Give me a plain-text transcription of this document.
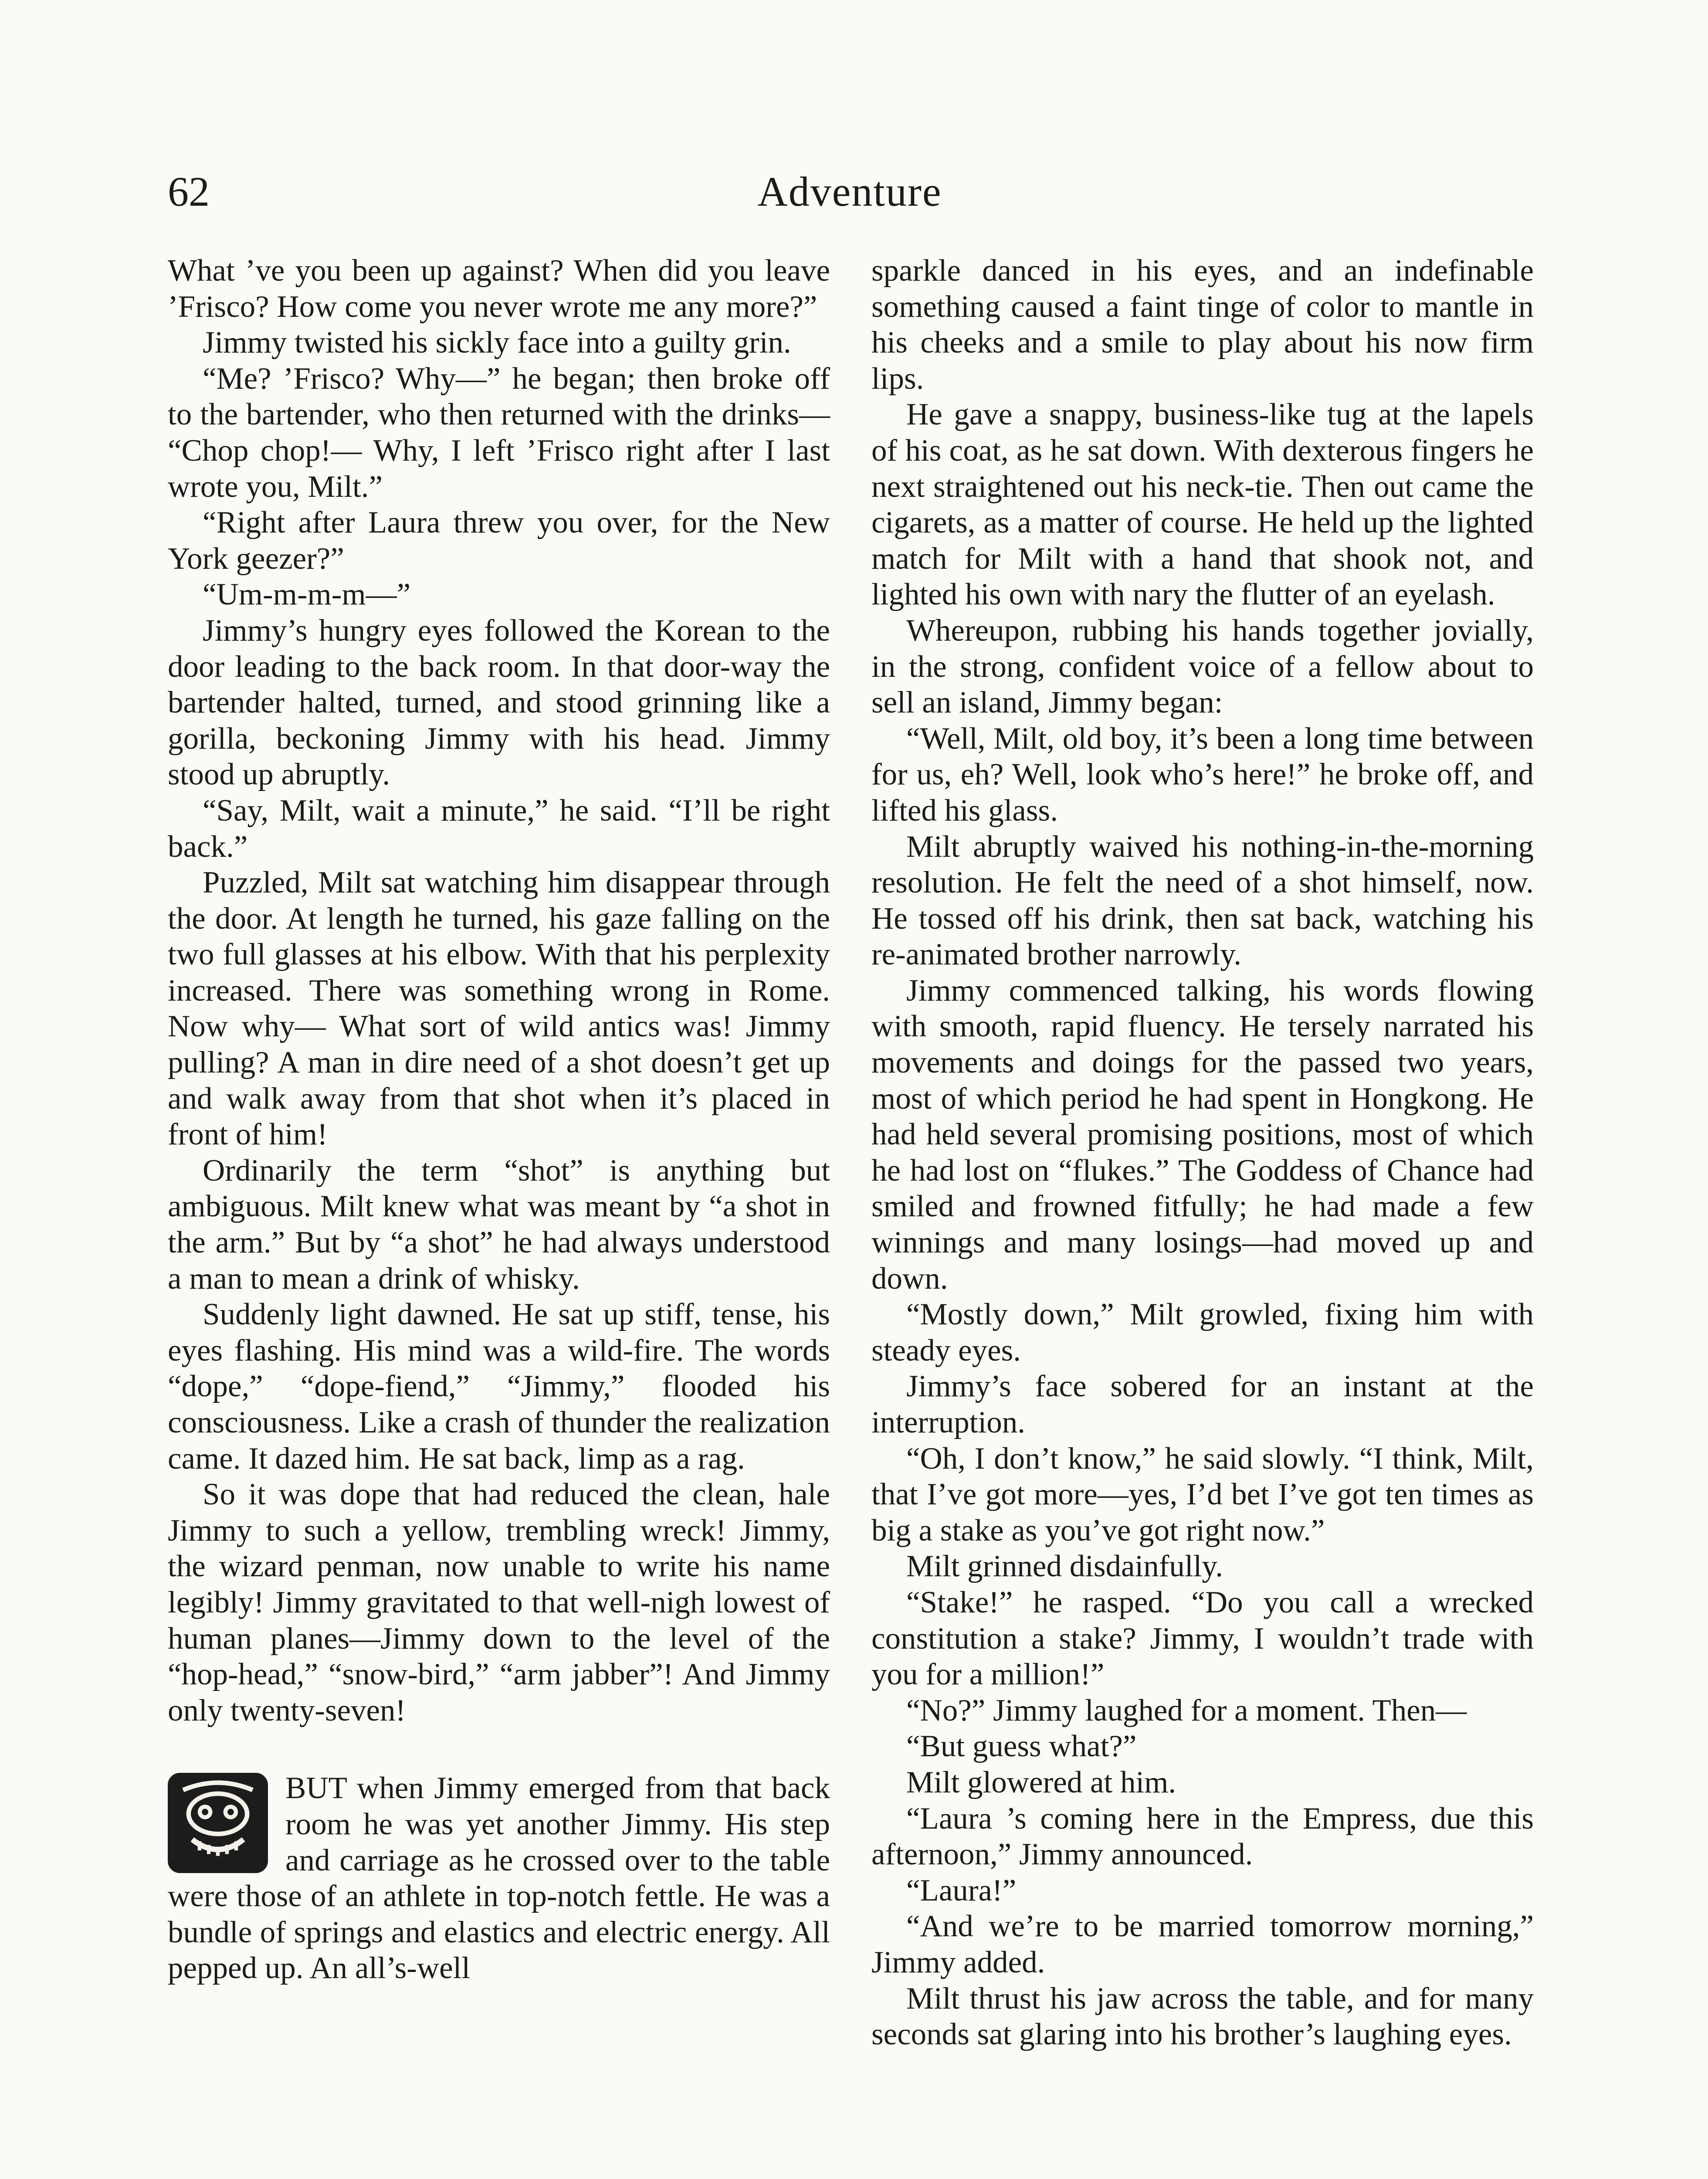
62	Adventure

What ’ve you been up against? When did you leave ’Frisco? How come you never wrote me any more?”

Jimmy twisted his sickly face into a guilty grin.

“Me? ’Frisco? Why—” he began; then broke off to the bartender, who then returned with the drinks— “Chop chop!— Why, I left ’Frisco right after I last wrote you, Milt.”

“Right after Laura threw you over, for the New York geezer?”

“Um-m-m-m—”

Jimmy’s hungry eyes followed the Korean to the door leading to the back room. In that door-way the bartender halted, turned, and stood grinning like a gorilla, beckoning Jimmy with his head. Jimmy stood up abruptly.

“Say, Milt, wait a minute,” he said. “I’ll be right back.”

Puzzled, Milt sat watching him disappear through the door. At length he turned, his gaze falling on the two full glasses at his elbow. With that his perplexity increased. There was something wrong in Rome. Now why— What sort of wild antics was! Jimmy pulling? A man in dire need of a shot doesn’t get up and walk away from that shot when it’s placed in front of him!

Ordinarily the term “shot” is anything but ambiguous. Milt knew what was meant by “a shot in the arm.” But by “a shot” he had always understood a man to mean a drink of whisky.

Suddenly light dawned. He sat up stiff, tense, his eyes flashing. His mind was a wild-fire. The words “dope,” “dope-fiend,” “Jimmy,” flooded his consciousness. Like a crash of thunder the realization came. It dazed him. He sat back, limp as a rag.

So it was dope that had reduced the clean, hale Jimmy to such a yellow, trembling wreck! Jimmy, the wizard penman, now unable to write his name legibly! Jimmy gravitated to that well-nigh lowest of human planes—Jimmy down to the level of the “hop-head,” “snow-bird,” “arm jabber”! And Jimmy only twenty-seven!

BUT when Jimmy emerged from that back room he was yet another Jimmy. His step and carriage as he crossed over to the table were those of an athlete in top-notch fettle. He was a bundle of springs and elastics and electric energy. All pepped up. An all’s-well

sparkle danced in his eyes, and an indefinable something caused a faint tinge of color to mantle in his cheeks and a smile to play about his now firm lips.

He gave a snappy, business-like tug at the lapels of his coat, as he sat down. With dexterous fingers he next straightened out his neck-tie. Then out came the cigarets, as a matter of course. He held up the lighted match for Milt with a hand that shook not, and lighted his own with nary the flutter of an eyelash.

Whereupon, rubbing his hands together jovially, in the strong, confident voice of a fellow about to sell an island, Jimmy began:

“Well, Milt, old boy, it’s been a long time between for us, eh? Well, look who’s here!” he broke off, and lifted his glass.

Milt abruptly waived his nothing-in-the-morning resolution. He felt the need of a shot himself, now. He tossed off his drink, then sat back, watching his re-animated brother narrowly.

Jimmy commenced talking, his words flowing with smooth, rapid fluency. He tersely narrated his movements and doings for the passed two years, most of which period he had spent in Hongkong. He had held several promising positions, most of which he had lost on “flukes.” The Goddess of Chance had smiled and frowned fitfully; he had made a few winnings and many losings—had moved up and down.

“Mostly down,” Milt growled, fixing him with steady eyes.

Jimmy’s face sobered for an instant at the interruption.

“Oh, I don’t know,” he said slowly. “I think, Milt, that I’ve got more—yes, I’d bet I’ve got ten times as big a stake as you’ve got right now.”

Milt grinned disdainfully.

“Stake!” he rasped. “Do you call a wrecked constitution a stake? Jimmy, I wouldn’t trade with you for a million!”

“No?” Jimmy laughed for a moment. Then—

“But guess what?”

Milt glowered at him.

“Laura ’s coming here in the Empress, due this afternoon,” Jimmy announced.

“Laura!”

“And we’re to be married tomorrow morning,” Jimmy added.

Milt thrust his jaw across the table, and for many seconds sat glaring into his brother’s laughing eyes.
